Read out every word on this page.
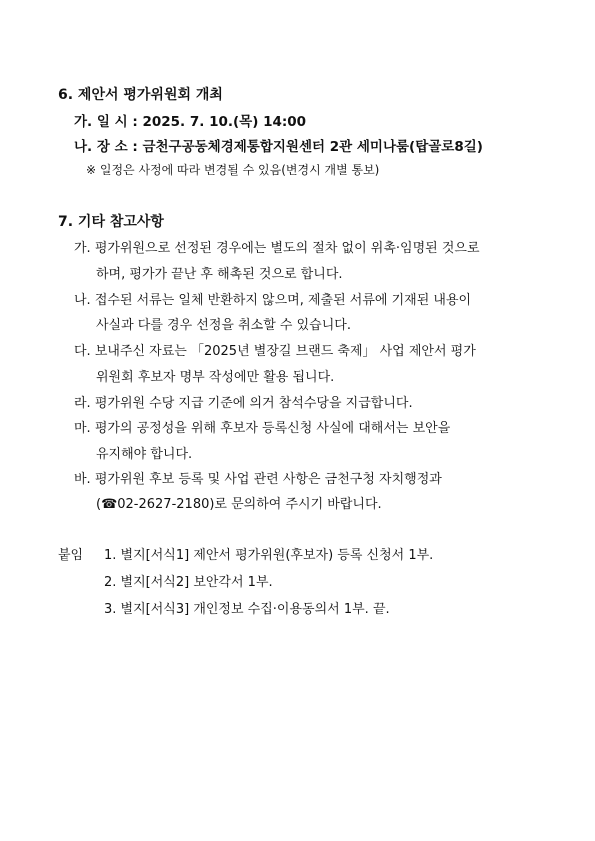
6. 제안서 평가위원회 개최
가. 일 시 : 2025. 7. 10.(목) 14:00
나. 장 소 : 금천구공동체경제통합지원센터 2관 세미나룸(탑골로8길)
※ 일정은 사정에 따라 변경될 수 있음(변경시 개별 통보)
7. 기타 참고사항
가. 평가위원으로 선정된 경우에는 별도의 절차 없이 위촉·임명된 것으로
하며, 평가가 끝난 후 해촉된 것으로 합니다.
나. 접수된 서류는 일체 반환하지 않으며, 제출된 서류에 기재된 내용이
사실과 다를 경우 선정을 취소할 수 있습니다.
다. 보내주신 자료는 「2025년 별장길 브랜드 축제」 사업 제안서 평가
위원회 후보자 명부 작성에만 활용 됩니다.
라. 평가위원 수당 지급 기준에 의거 참석수당을 지급합니다.
마. 평가의 공정성을 위해 후보자 등록신청 사실에 대해서는 보안을
유지해야 합니다.
바. 평가위원 후보 등록 및 사업 관련 사항은 금천구청 자치행정과
(☎02-2627-2180)로 문의하여 주시기 바랍니다.
붙임 1. 별지[서식1] 제안서 평가위원(후보자) 등록 신청서 1부.
2. 별지[서식2] 보안각서 1부.
3. 별지[서식3] 개인정보 수집·이용동의서 1부. 끝.
